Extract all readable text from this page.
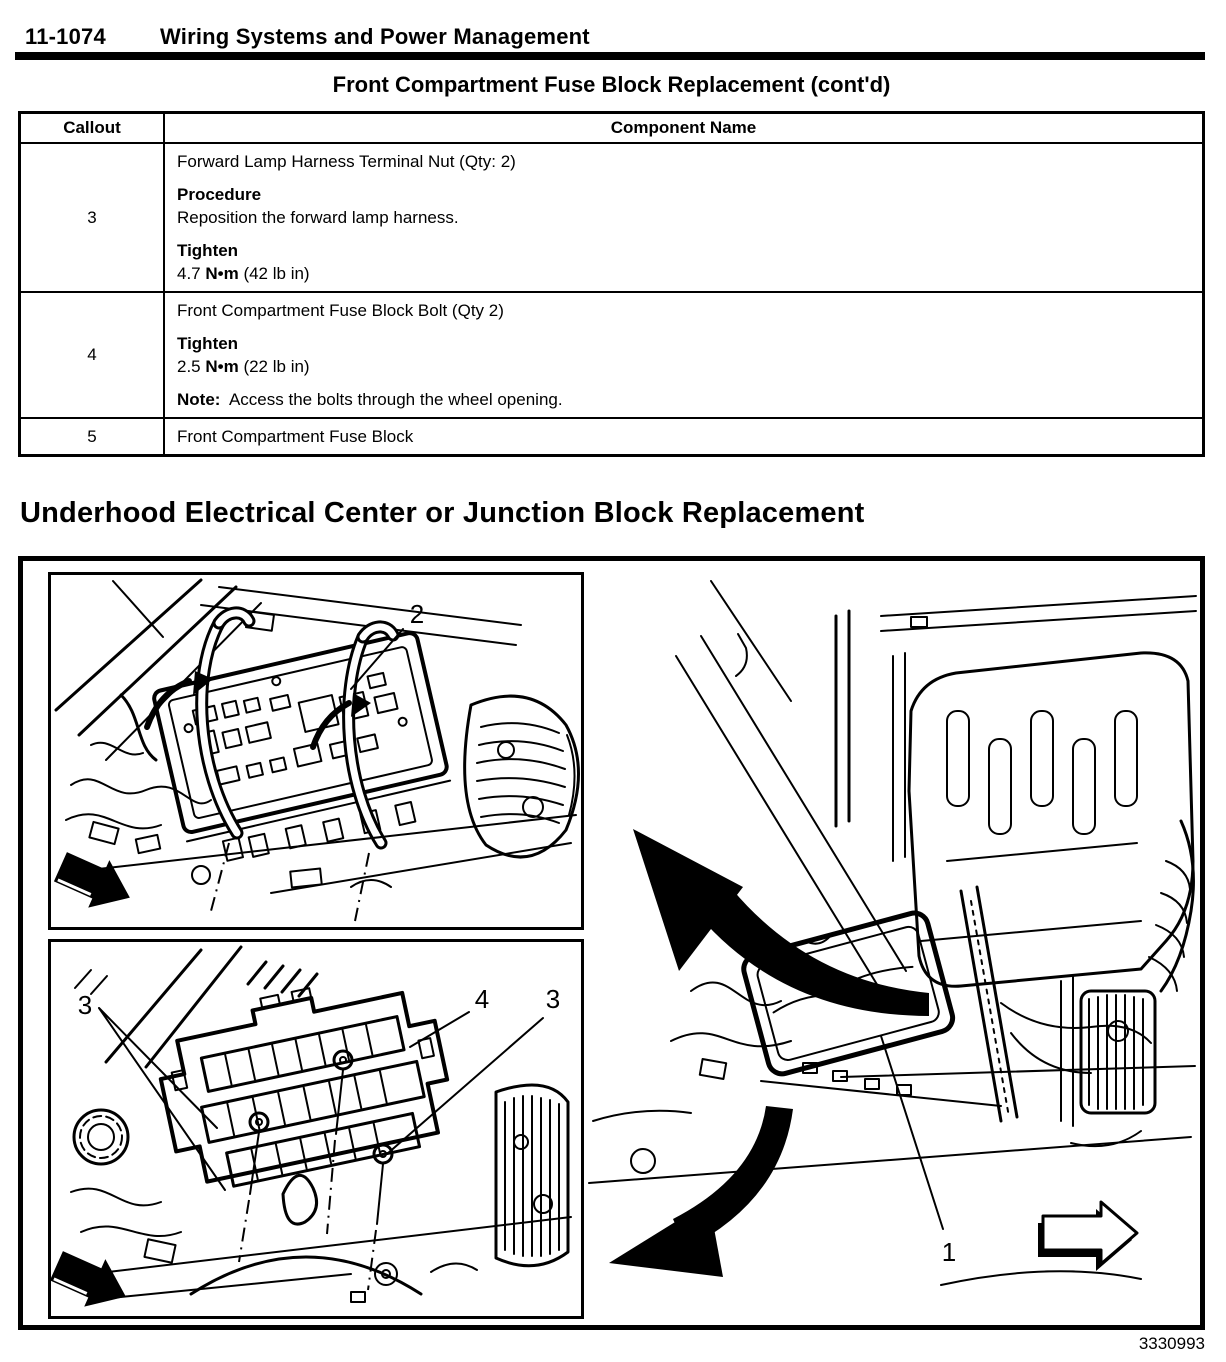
11-1074 Wiring Systems and Power Management
Front Compartment Fuse Block Replacement (cont'd)
Callout	Component Name
3	Forward Lamp Harness Terminal Nut (Qty: 2)
Procedure
Reposition the forward lamp harness.
Tighten
4.7 N•m (42 lb in)

4	Front Compartment Fuse Block Bolt (Qty 2)
Tighten
2.5 N•m (22 lb in)
Note:  Access the bolts through the wheel opening.

5	Front Compartment Fuse Block
Underhood Electrical Center or Junction Block Replacement
2
3	4 3
1
3330993
